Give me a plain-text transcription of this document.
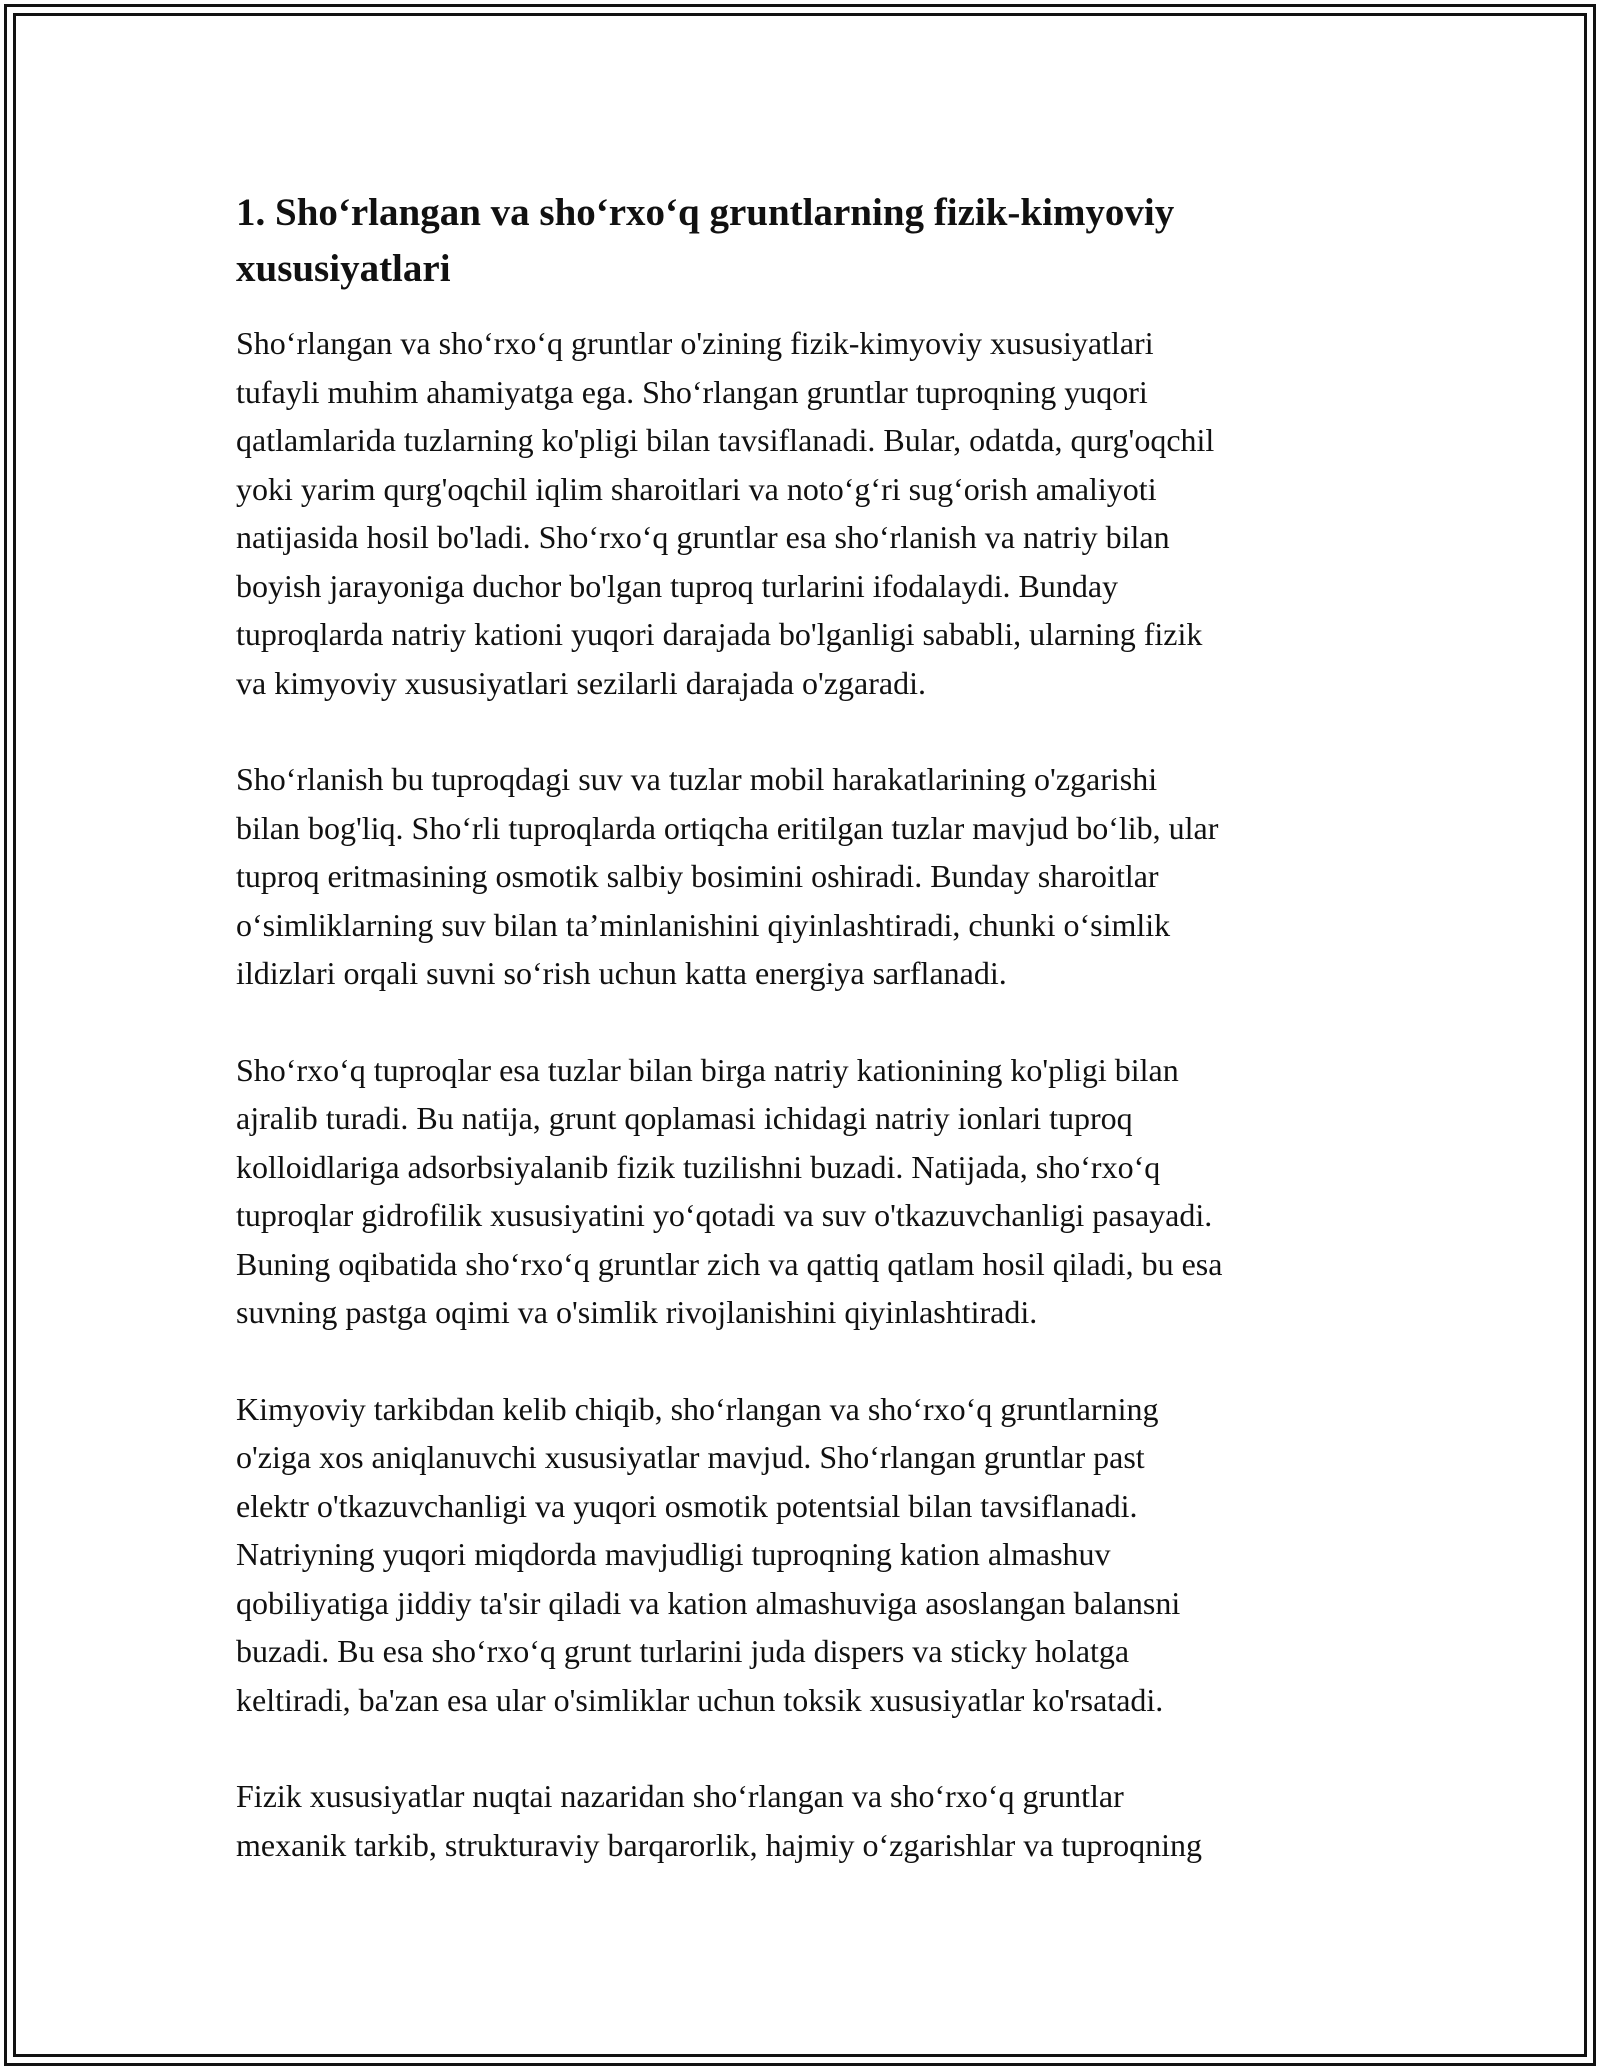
1. Sho‘rlangan va sho‘rxo‘q gruntlarning fizik-kimyoviy xususiyatlari
Sho‘rlangan va sho‘rxo‘q gruntlar o'zining fizik-kimyoviy xususiyatlari
tufayli muhim ahamiyatga ega. Sho‘rlangan gruntlar tuproqning yuqori
qatlamlarida tuzlarning ko'pligi bilan tavsiflanadi. Bular, odatda, qurg'oqchil
yoki yarim qurg'oqchil iqlim sharoitlari va noto‘g‘ri sug‘orish amaliyoti
natijasida hosil bo'ladi. Sho‘rxo‘q gruntlar esa sho‘rlanish va natriy bilan
boyish jarayoniga duchor bo'lgan tuproq turlarini ifodalaydi. Bunday
tuproqlarda natriy kationi yuqori darajada bo'lganligi sababli, ularning fizik
va kimyoviy xususiyatlari sezilarli darajada o'zgaradi.
Sho‘rlanish bu tuproqdagi suv va tuzlar mobil harakatlarining o'zgarishi
bilan bog'liq. Sho‘rli tuproqlarda ortiqcha eritilgan tuzlar mavjud bo‘lib, ular
tuproq eritmasining osmotik salbiy bosimini oshiradi. Bunday sharoitlar
o‘simliklarning suv bilan ta’minlanishini qiyinlashtiradi, chunki o‘simlik
ildizlari orqali suvni so‘rish uchun katta energiya sarflanadi.
Sho‘rxo‘q tuproqlar esa tuzlar bilan birga natriy kationining ko'pligi bilan
ajralib turadi. Bu natija, grunt qoplamasi ichidagi natriy ionlari tuproq
kolloidlariga adsorbsiyalanib fizik tuzilishni buzadi. Natijada, sho‘rxo‘q
tuproqlar gidrofilik xususiyatini yo‘qotadi va suv o'tkazuvchanligi pasayadi.
Buning oqibatida sho‘rxo‘q gruntlar zich va qattiq qatlam hosil qiladi, bu esa
suvning pastga oqimi va o'simlik rivojlanishini qiyinlashtiradi.
Kimyoviy tarkibdan kelib chiqib, sho‘rlangan va sho‘rxo‘q gruntlarning
o'ziga xos aniqlanuvchi xususiyatlar mavjud. Sho‘rlangan gruntlar past
elektr o'tkazuvchanligi va yuqori osmotik potentsial bilan tavsiflanadi.
Natriyning yuqori miqdorda mavjudligi tuproqning kation almashuv
qobiliyatiga jiddiy ta'sir qiladi va kation almashuviga asoslangan balansni
buzadi. Bu esa sho‘rxo‘q grunt turlarini juda dispers va sticky holatga
keltiradi, ba'zan esa ular o'simliklar uchun toksik xususiyatlar ko'rsatadi.
Fizik xususiyatlar nuqtai nazaridan sho‘rlangan va sho‘rxo‘q gruntlar
mexanik tarkib, strukturaviy barqarorlik, hajmiy o‘zgarishlar va tuproqning
